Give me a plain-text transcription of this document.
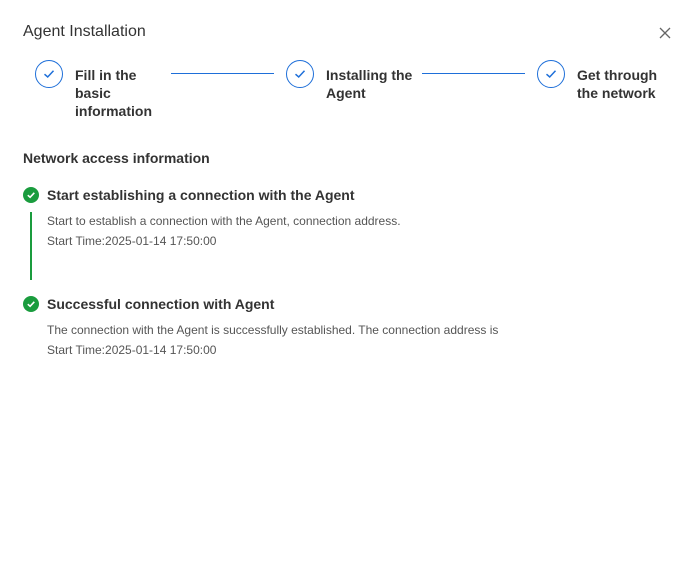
Agent Installation
Fill in the
basic
information
Installing the
Agent
Get through
the network
Network access information
Start establishing a connection with the Agent
Start to establish a connection with the Agent, connection address.
Start Time:2025-01-14 17:50:00
Successful connection with Agent
The connection with the Agent is successfully established. The connection address is
Start Time:2025-01-14 17:50:00
